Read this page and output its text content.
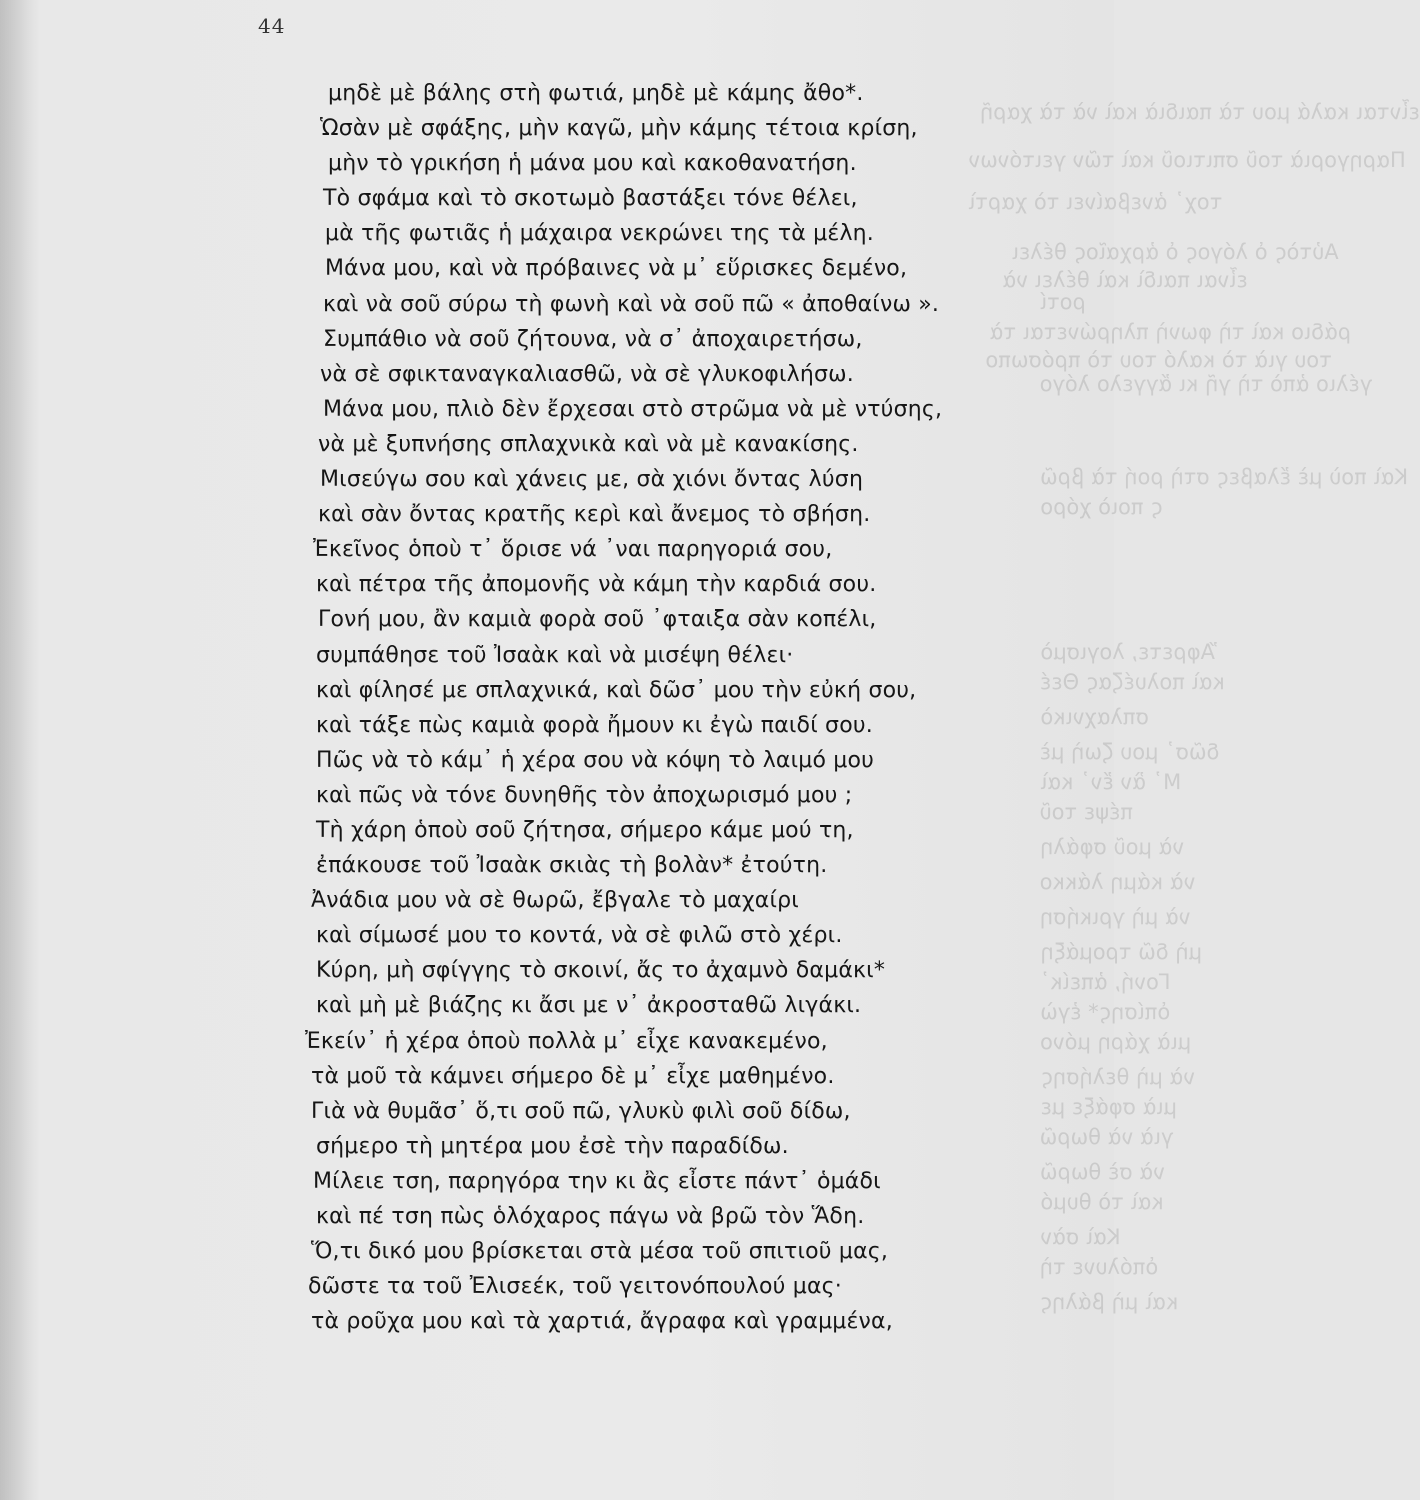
εἶνται καλά μου τὰ παιδιὰ καὶ νὰ τὰ χαρῆ
Παρηγοριὰ τοῦ σπιτιοῦ καὶ τῶν γειτόνων
τοχ᾽ ἀνεβαίνει τὸ χαρτὶ
Αὐτὸς ὁ λόγος ὁ ἀρχαῖος θέλει
εἶναι παιδὶ καὶ θέλει νὰ
ροτί
ράδιο καὶ τὴ φωνὴ πληρώνεται τὰ
του γιὰ τὸ καλό του τὸ πρόσωπο
γέλιο ἀπὸ τὴ γῆ κι ἄγγελο λόγο
Καὶ ποὺ μὲ ἔλαβες στὴ ροή τὰ βρῶ
ς ποιὸ χόρο
Ἄφρετε, λογισμὸ
καὶ πολυέζας Θεέ
σπλαχνικὸ
δῶσ᾽ μου ζωὴ μὲ
Μ᾽ ἂν ἔν᾽ καὶ
πέψε τοῦ
νὰ μοῦ σφάλη
νὰ κάμη λάκκο
νὰ μὴ γρικήση
μὴ δῶ τρομάξη
Γονή, ἀπείκ᾽
ὁπίσης* ἐγὼ
μιὰ χάρη μόνο
νὰ μὴ θελήσης
μιὰ σφάξε με
γιὰ νὰ θωρῶ
νὰ σὲ θωρῶ
καὶ τὸ θυμό
Καὶ σὰν
ὁπόλυνε τὴ
καὶ μὴ βάλης
44
μηδὲ μὲ βάλης στὴ φωτιά, μηδὲ μὲ κάμης ἄθο*.
Ὡσὰν μὲ σφάξης, μὴν καγῶ, μὴν κάμης τέτοια κρίση,
μὴν τὸ γρικήση ἡ μάνα μου καὶ κακοθανατήση.
Τὸ σφάμα καὶ τὸ σκοτωμὸ βαστάξει τόνε θέλει,
μὰ τῆς φωτιᾶς ἡ μάχαιρα νεκρώνει της τὰ μέλη.
Μάνα μου, καὶ νὰ πρόβαινες νὰ μ᾽ εὕρισκες δεμένο,
καὶ νὰ σοῦ σύρω τὴ φωνὴ καὶ νὰ σοῦ πῶ « ἀποθαίνω ».
Συμπάθιο νὰ σοῦ ζήτουνα, νὰ σ᾽ ἀποχαιρετήσω,
νὰ σὲ σφικταναγκαλιασθῶ, νὰ σὲ γλυκοφιλήσω.
Μάνα μου, πλιὸ δὲν ἔρχεσαι στὸ στρῶμα νὰ μὲ ντύσης,
νὰ μὲ ξυπνήσης σπλαχνικὰ καὶ νὰ μὲ κανακίσης.
Μισεύγω σου καὶ χάνεις με, σὰ χιόνι ὄντας λύση
καὶ σὰν ὄντας κρατῆς κερὶ καὶ ἄνεμος τὸ σβήση.
Ἐκεῖνος ὁποὺ τ᾽ ὅρισε νά ᾽ναι παρηγοριά σου,
καὶ πέτρα τῆς ἀπομονῆς νὰ κάμη τὴν καρδιά σου.
Γονή μου, ἂν καμιὰ φορὰ σοῦ ᾽φταιξα σὰν κοπέλι,
συμπάθησε τοῦ Ἰσαὰκ καὶ νὰ μισέψη θέλει·
καὶ φίλησέ με σπλαχνικά, καὶ δῶσ᾽ μου τὴν εὐκή σου,
καὶ τάξε πὼς καμιὰ φορὰ ἤμουν κι ἐγὼ παιδί σου.
Πῶς νὰ τὸ κάμ᾽ ἡ χέρα σου νὰ κόψη τὸ λαιμό μου
καὶ πῶς νὰ τόνε δυνηθῆς τὸν ἀποχωρισμό μου ;
Τὴ χάρη ὁποὺ σοῦ ζήτησα, σήμερο κάμε μού τη,
ἐπάκουσε τοῦ Ἰσαὰκ σκιὰς τὴ βολὰν* ἐτούτη.
Ἀνάδια μου νὰ σὲ θωρῶ, ἔβγαλε τὸ μαχαίρι
καὶ σίμωσέ μου το κοντά, νὰ σὲ φιλῶ στὸ χέρι.
Κύρη, μὴ σφίγγης τὸ σκοινί, ἄς το ἀχαμνὸ δαμάκι*
καὶ μὴ μὲ βιάζης κι ἄσι με ν᾽ ἀκροσταθῶ λιγάκι.
Ἐκείν᾽ ἡ χέρα ὁποὺ πολλὰ μ᾽ εἶχε κανακεμένο,
τὰ μοῦ τὰ κάμνει σήμερο δὲ μ᾽ εἶχε μαθημένο.
Γιὰ νὰ θυμᾶσ᾽ ὅ,τι σοῦ πῶ, γλυκὺ φιλὶ σοῦ δίδω,
σήμερο τὴ μητέρα μου ἐσὲ τὴν παραδίδω.
Μίλειε τση, παρηγόρα την κι ἂς εἶστε πάντ᾽ ὁμάδι
καὶ πέ τση πὼς ὁλόχαρος πάγω νὰ βρῶ τὸν Ἅδη.
Ὅ,τι δικό μου βρίσκεται στὰ μέσα τοῦ σπιτιοῦ μας,
δῶστε τα τοῦ Ἐλισεέκ, τοῦ γειτονόπουλού μας·
τὰ ροῦχα μου καὶ τὰ χαρτιά, ἄγραφα καὶ γραμμένα,
